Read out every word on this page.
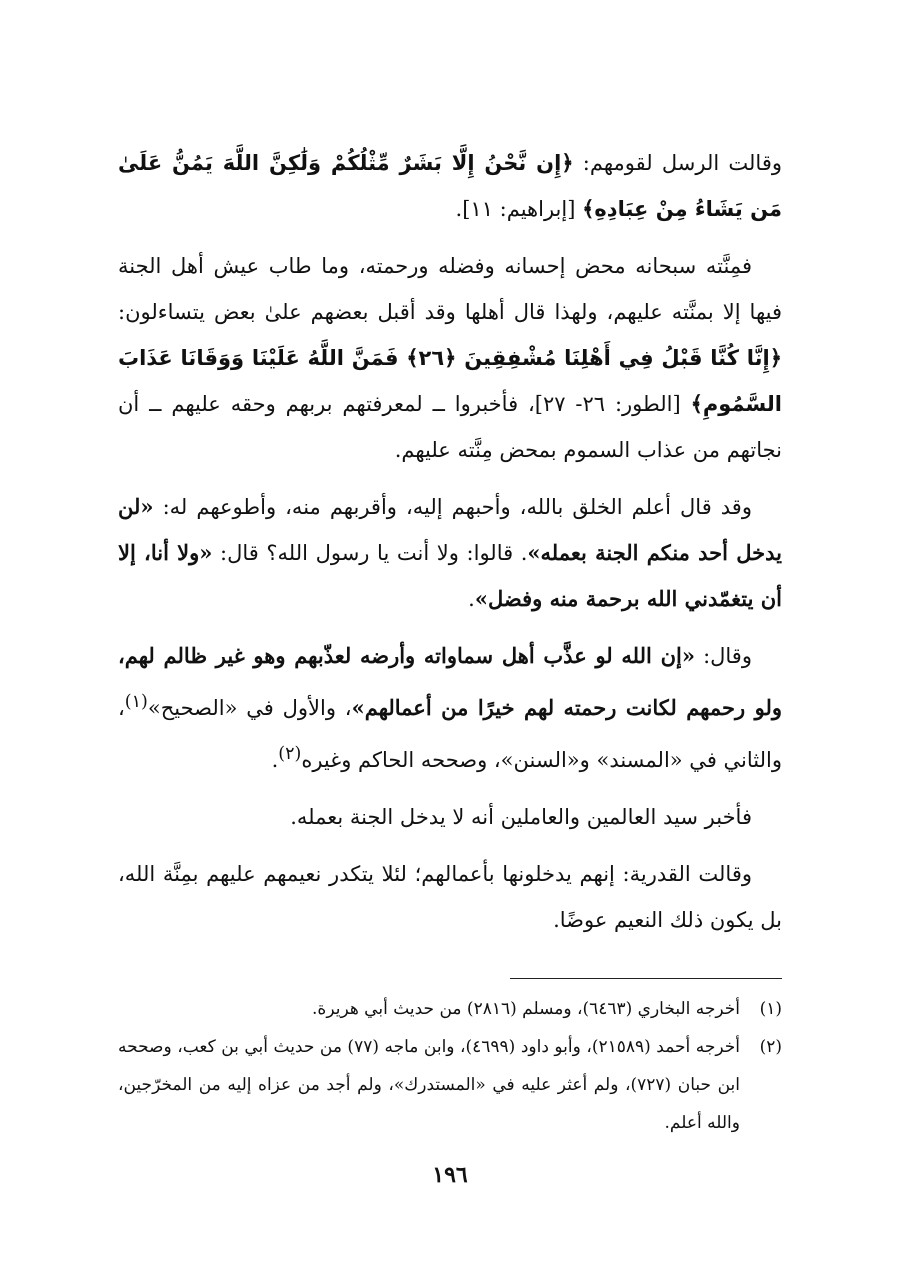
وقالت الرسل لقومهم: ﴿إِن نَّحْنُ إِلَّا بَشَرٌ مِّثْلُكُمْ وَلَٰكِنَّ اللَّهَ يَمُنُّ عَلَىٰ مَن يَشَاءُ مِنْ عِبَادِهِ﴾ [إبراهيم: ١١].

فمِنَّته سبحانه محض إحسانه وفضله ورحمته، وما طاب عيش أهل الجنة فيها إلا بمنَّته عليهم، ولهذا قال أهلها وقد أقبل بعضهم علىٰ بعض يتساءلون: ﴿إِنَّا كُنَّا قَبْلُ فِي أَهْلِنَا مُشْفِقِينَ ﴿٢٦﴾ فَمَنَّ اللَّهُ عَلَيْنَا وَوَقَانَا عَذَابَ السَّمُومِ﴾ [الطور: ٢٦- ٢٧]، فأخبروا ــ لمعرفتهم بربهم وحقه عليهم ــ أن نجاتهم من عذاب السموم بمحض مِنَّته عليهم.

وقد قال أعلم الخلق بالله، وأحبهم إليه، وأقربهم منه، وأطوعهم له: «لن يدخل أحد منكم الجنة بعمله». قالوا: ولا أنت يا رسول الله؟ قال: «ولا أنا، إلا أن يتغمّدني الله برحمة منه وفضل».

وقال: «إن الله لو عذَّب أهل سماواته وأرضه لعذّبهم وهو غير ظالم لهم، ولو رحمهم لكانت رحمته لهم خيرًا من أعمالهم»، والأول في «الصحيح»$^{(١)}$، والثاني في «المسند» و«السنن»، وصححه الحاكم وغيره$^{(٢)}$.

فأخبر سيد العالمين والعاملين أنه لا يدخل الجنة بعمله.

وقالت القدرية: إنهم يدخلونها بأعمالهم؛ لئلا يتكدر نعيمهم عليهم بمِنَّة الله، بل يكون ذلك النعيم عوضًا.

(١)
أخرجه البخاري (٦٤٦٣)، ومسلم (٢٨١٦) من حديث أبي هريرة.
(٢)
أخرجه أحمد (٢١٥٨٩)، وأبو داود (٤٦٩٩)، وابن ماجه (٧٧) من حديث أبي بن كعب، وصححه ابن حبان (٧٢٧)، ولم أعثر عليه في «المستدرك»، ولم أجد من عزاه إليه من المخرّجين، والله أعلم.
١٩٦
